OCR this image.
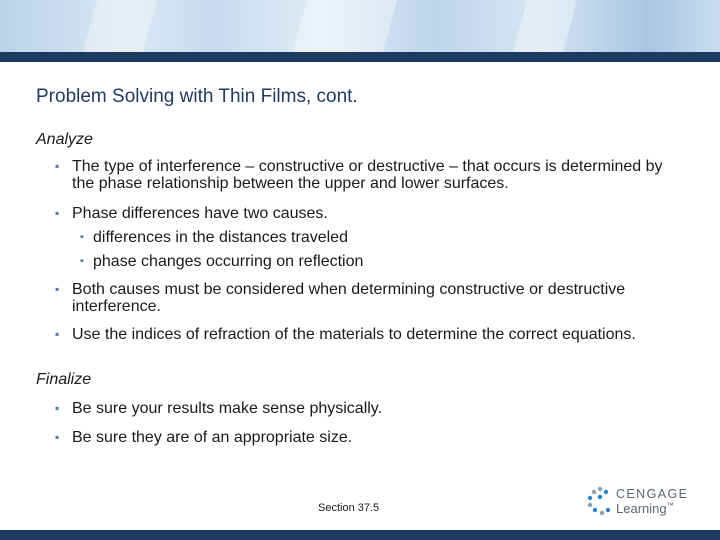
Problem Solving with Thin Films, cont.

Analyze

▪ The type of interference – constructive or destructive – that occurs is determined by the phase relationship between the upper and lower surfaces.
▪ Phase differences have two causes.
▪ differences in the distances traveled
▪ phase changes occurring on reflection
▪ Both causes must be considered when determining constructive or destructive interference.
▪ Use the indices of refraction of the materials to determine the correct equations.

Finalize

▪ Be sure your results make sense physically.
▪ Be sure they are of an appropriate size.
Section 37.5
CENGAGE
Learning™
